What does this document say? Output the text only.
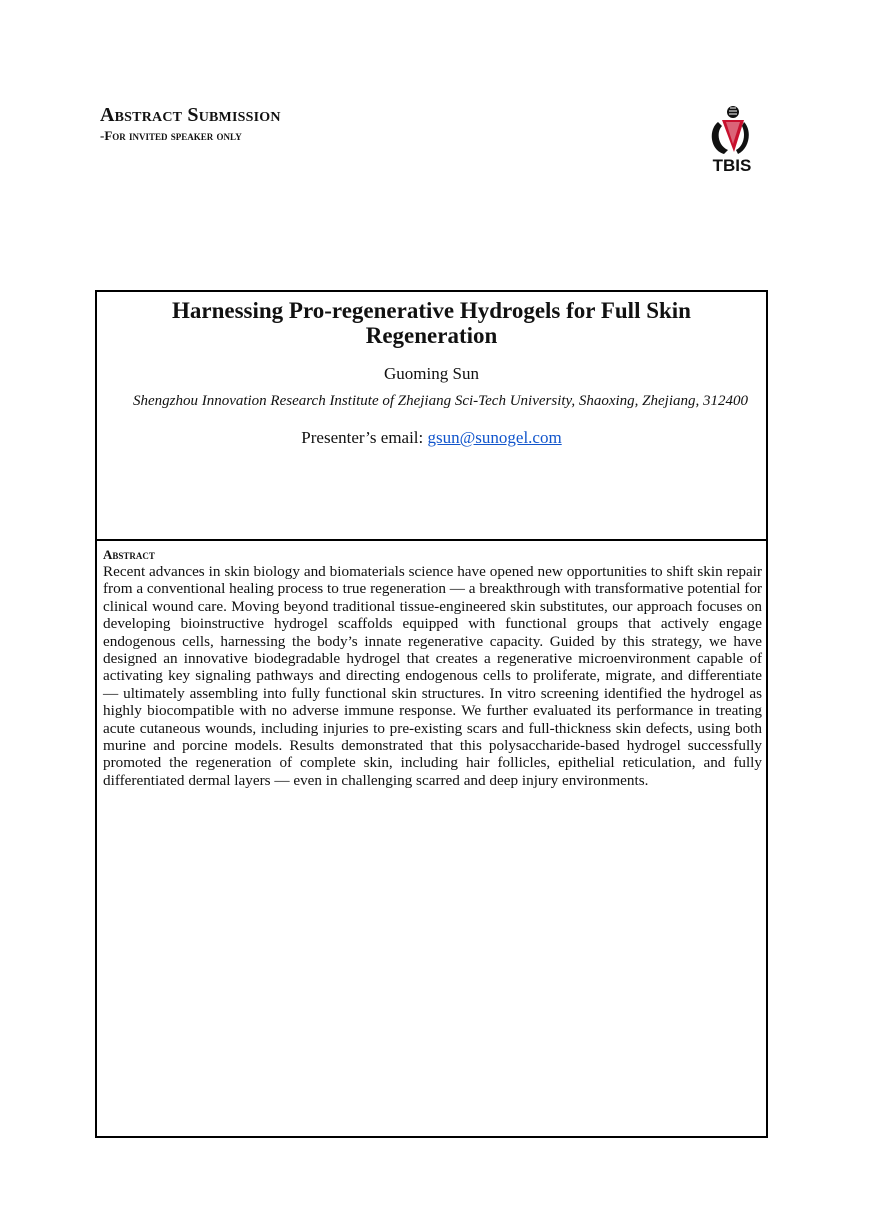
Abstract Submission
-For invited speaker only
TBIS
Harnessing Pro-regenerative Hydrogels for Full Skin Regeneration
Guoming Sun
Shengzhou Innovation Research Institute of Zhejiang Sci-Tech University, Shaoxing, Zhejiang, 312400
Presenter’s email: gsun@sunogel.com
Abstract
Recent advances in skin biology and biomaterials science have opened new opportunities to shift skin repair from a conventional healing process to true regeneration — a breakthrough with transformative potential for clinical wound care. Moving beyond traditional tissue-engineered skin substitutes, our approach focuses on developing bioinstructive hydrogel scaffolds equipped with functional groups that actively engage endogenous cells, harnessing the body’s innate regenerative capacity. Guided by this strategy, we have designed an innovative biodegradable hydrogel that creates a regenerative microenvironment capable of activating key signaling pathways and directing endogenous cells to proliferate, migrate, and differentiate — ultimately assembling into fully functional skin structures. In vitro screening identified the hydrogel as highly biocompatible with no adverse immune response. We further evaluated its performance in treating acute cutaneous wounds, including injuries to pre-existing scars and full-thickness skin defects, using both murine and porcine models. Results demonstrated that this polysaccharide-based hydrogel successfully promoted the regeneration of complete skin, including hair follicles, epithelial reticulation, and fully differentiated dermal layers — even in challenging scarred and deep injury environments.
